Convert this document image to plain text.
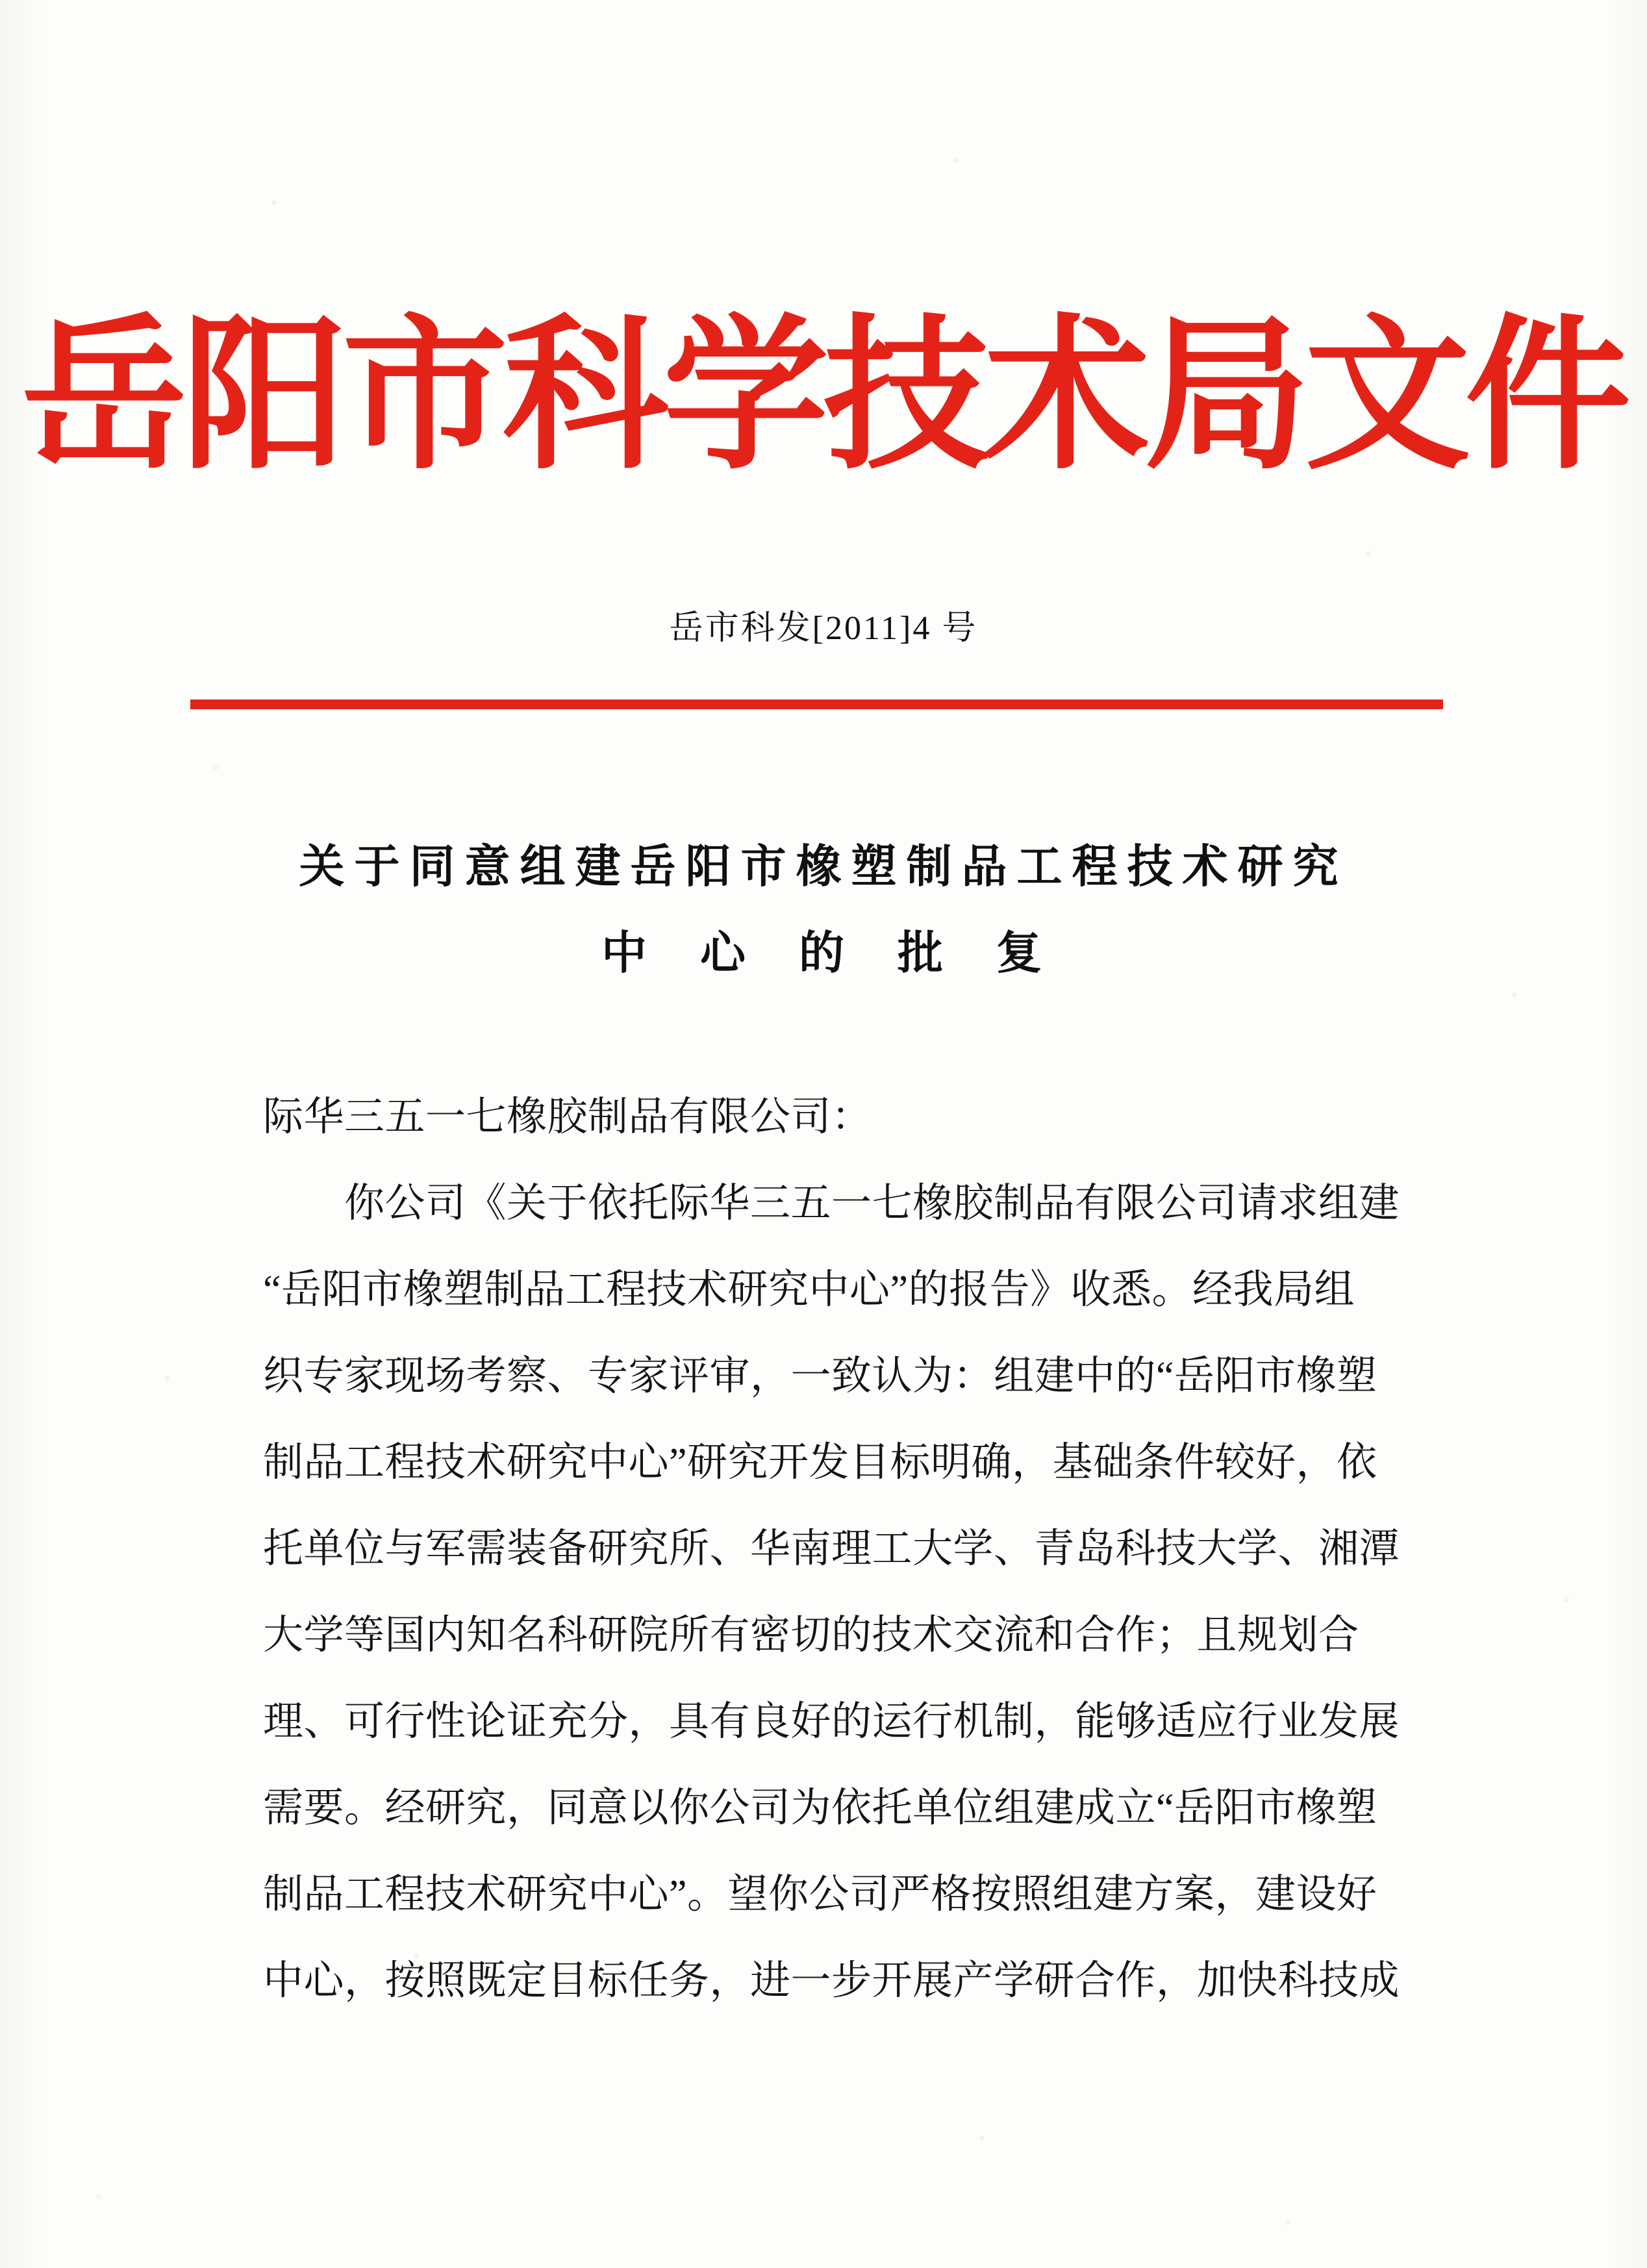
岳阳市科学技术局文件
岳市科发[2011]4 号
关于同意组建岳阳市橡塑制品工程技术研究
中　心　的　批　复
际华三五一七橡胶制品有限公司：
　　你公司《关于依托际华三五一七橡胶制品有限公司请求组建
“岳阳市橡塑制品工程技术研究中心”的报告》收悉。经我局组
织专家现场考察、专家评审，一致认为：组建中的“岳阳市橡塑
制品工程技术研究中心”研究开发目标明确，基础条件较好，依
托单位与军需装备研究所、华南理工大学、青岛科技大学、湘潭
大学等国内知名科研院所有密切的技术交流和合作；且规划合
理、可行性论证充分，具有良好的运行机制，能够适应行业发展
需要。经研究，同意以你公司为依托单位组建成立“岳阳市橡塑
制品工程技术研究中心”。望你公司严格按照组建方案，建设好
中心，按照既定目标任务，进一步开展产学研合作，加快科技成
